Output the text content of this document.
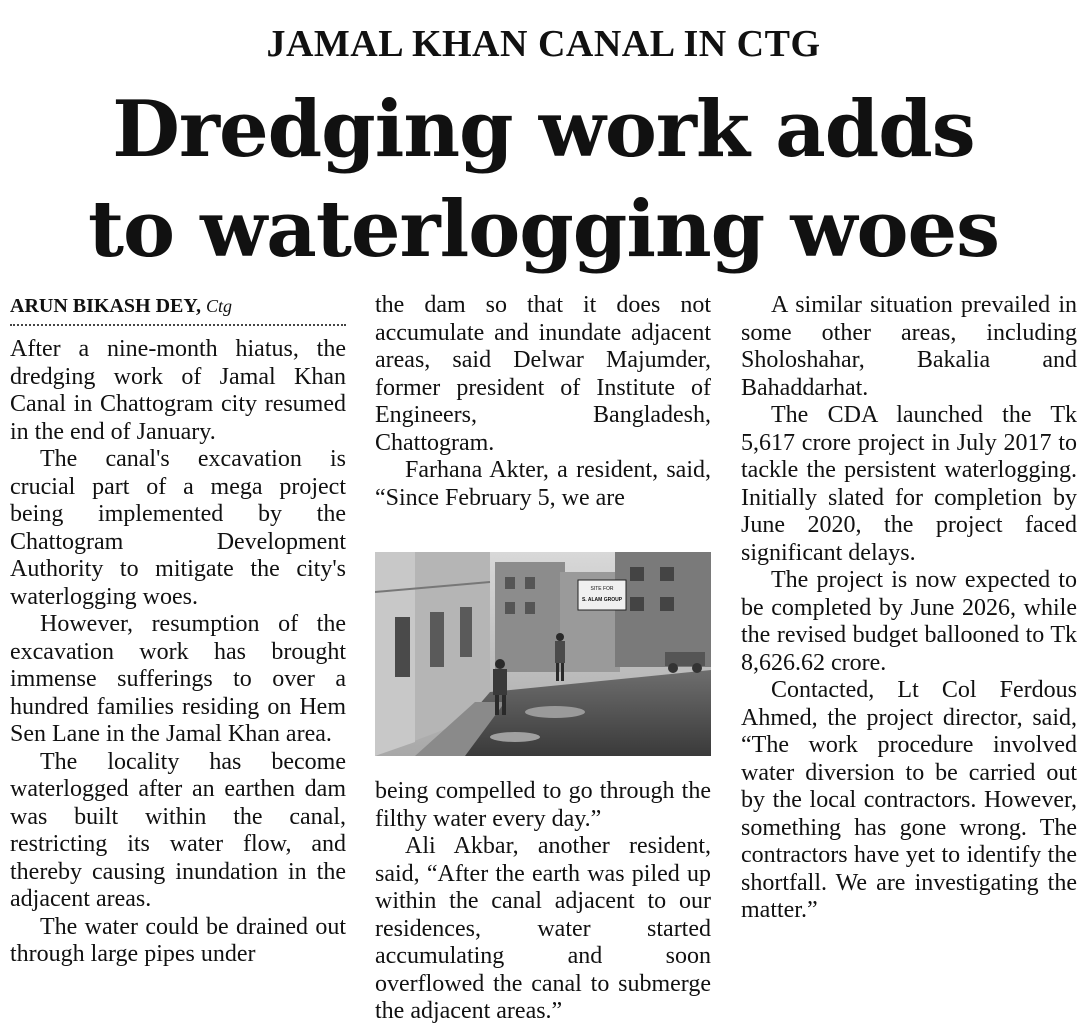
JAMAL KHAN CANAL IN CTG
Dredging work adds
to waterlogging woes
ARUN BIKASH DEY, Ctg

After a nine-month hiatus, the dredging work of Jamal Khan Canal in Chattogram city resumed in the end of January.

The canal's excavation is crucial part of a mega project being implemented by the Chattogram Development Authority to mitigate the city's waterlogging woes.

However, resumption of the excavation work has brought immense sufferings to over a hundred families residing on Hem Sen Lane in the Jamal Khan area.

The locality has become waterlogged after an earthen dam was built within the canal, restricting its water flow, and thereby causing inundation in the adjacent areas.

The water could be drained out through large pipes under

the dam so that it does not accumulate and inundate adjacent areas, said Delwar Majumder, former president of Institute of Engineers, Bangladesh, Chattogram.

Farhana Akter, a resident, said, “Since February 5, we are

SITE FOR
S. ALAM GROUP

being compelled to go through the filthy water every day.”

Ali Akbar, another resident, said, “After the earth was piled up within the canal adjacent to our residences, water started accumulating and soon overflowed the canal to submerge the adjacent areas.”

A similar situation prevailed in some other areas, including Sholoshahar, Bakalia and Bahaddarhat.

The CDA launched the Tk 5,617 crore project in July 2017 to tackle the persistent waterlogging. Initially slated for completion by June 2020, the project faced significant delays.

The project is now expected to be completed by June 2026, while the revised budget ballooned to Tk 8,626.62 crore.

Contacted, Lt Col Ferdous Ahmed, the project director, said, “The work procedure involved water diversion to be carried out by the local contractors. However, something has gone wrong. The contractors have yet to identify the shortfall. We are investigating the matter.”
